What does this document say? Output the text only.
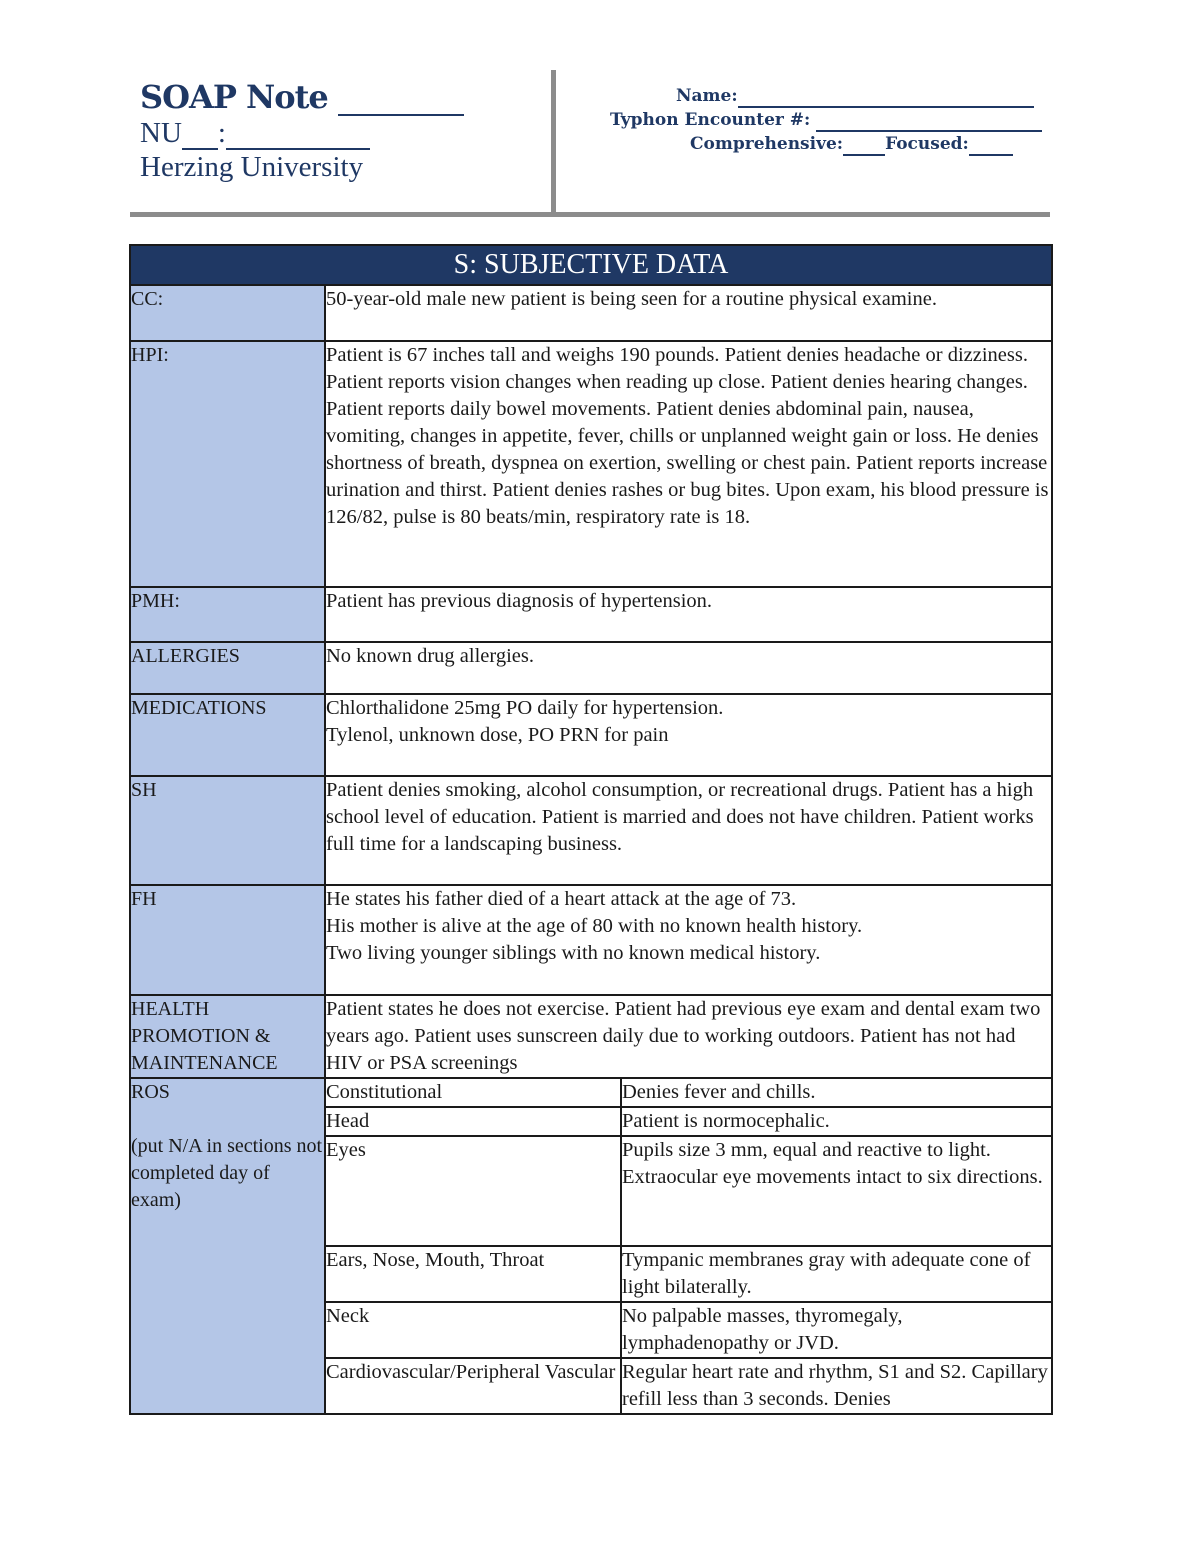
SOAP Note
NU :
Herzing University
Name:
Typhon Encounter #:
Comprehensive: Focused:
S: SUBJECTIVE DATA		
CC:	50-year-old male new patient is being seen for a routine physical examine.	
HPI:	Patient is 67 inches tall and weighs 190 pounds. Patient denies headache or dizziness. Patient reports vision changes when reading up close. Patient denies hearing changes. Patient reports daily bowel movements. Patient denies abdominal pain, nausea, vomiting, changes in appetite, fever, chills or unplanned weight gain or loss. He denies shortness of breath, dyspnea on exertion, swelling or chest pain. Patient reports increase urination and thirst. Patient denies rashes or bug bites. Upon exam, his blood pressure is 126/82, pulse is 80 beats/min, respiratory rate is 18.	
PMH:	Patient has previous diagnosis of hypertension.	
ALLERGIES	No known drug allergies.	
MEDICATIONS	Chlorthalidone 25mg PO daily for hypertension.
Tylenol, unknown dose, PO PRN for pain	
SH	Patient denies smoking, alcohol consumption, or recreational drugs. Patient has a high school level of education. Patient is married and does not have children. Patient works full time for a landscaping business.	
FH	He states his father died of a heart attack at the age of 73.
His mother is alive at the age of 80 with no known health history.
Two living younger siblings with no known medical history.	
HEALTH PROMOTION & MAINTENANCE	Patient states he does not exercise. Patient had previous eye exam and dental exam two years ago. Patient uses sunscreen daily due to working outdoors. Patient has not had HIV or PSA screenings	

ROS
(put N/A in sections not completed day of exam)	Constitutional	Denies fever and chills.
	Head	Patient is normocephalic.
	Eyes	Pupils size 3 mm, equal and reactive to light.
Extraocular eye movements intact to six directions.
	Ears, Nose, Mouth, Throat	Tympanic membranes gray with adequate cone of light bilaterally.
	Neck	No palpable masses, thyromegaly, lymphadenopathy or JVD.
	Cardiovascular/Peripheral Vascular	Regular heart rate and rhythm, S1 and S2. Capillary refill less than 3 seconds. Denies
